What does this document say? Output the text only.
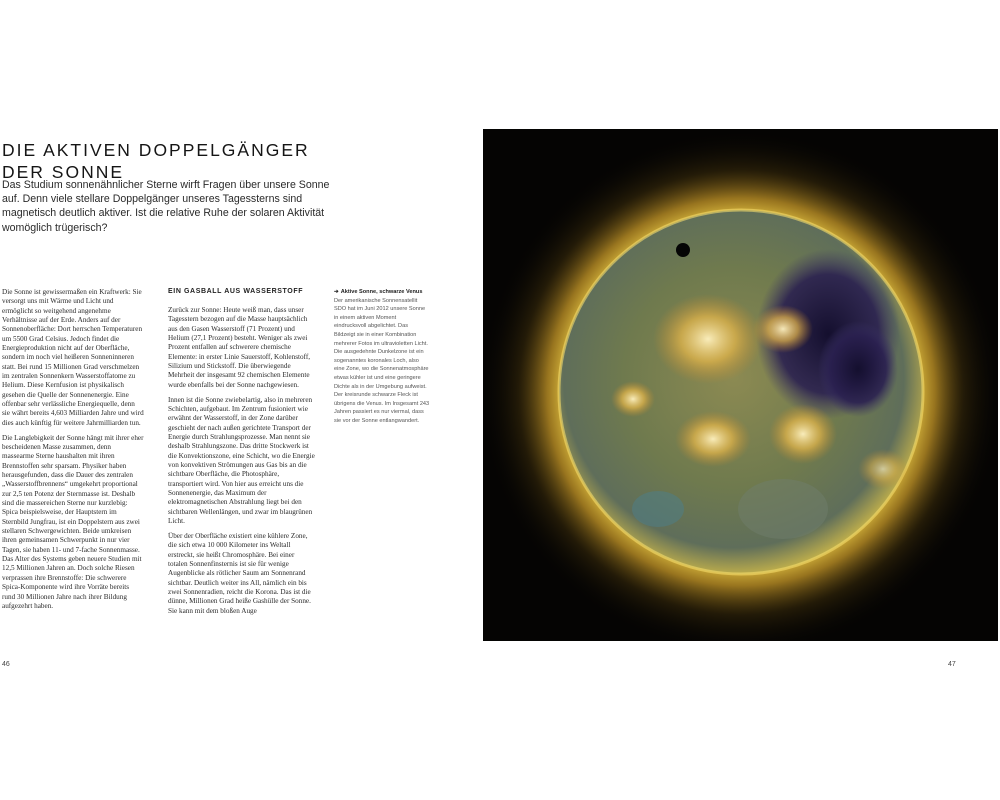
DIE AKTIVEN DOPPELGÄNGER
DER SONNE
Das Studium sonnenähnlicher Sterne wirft Fragen über unsere Sonne auf. Denn viele stellare Doppelgänger unseres Tagessterns sind magnetisch deutlich aktiver. Ist die relative Ruhe der solaren Aktivität womöglich trügerisch?

Die Sonne ist gewissermaßen ein Kraftwerk: Sie versorgt uns mit Wärme und Licht und ermöglicht so weitgehend angenehme Verhältnisse auf der Erde. Anders auf der Sonnenoberfläche: Dort herrschen Temperaturen um 5500 Grad Celsius. Jedoch findet die Energieproduktion nicht auf der Oberfläche, sondern im noch viel heißeren Sonneninneren statt. Bei rund 15 Millionen Grad verschmelzen im zentralen Sonnenkern Wasserstoffatome zu Helium. Diese Kernfusion ist physikalisch gesehen die Quelle der Sonnenenergie. Eine offenbar sehr verlässliche Energiequelle, denn sie währt bereits 4,603 Milliarden Jahre und wird dies auch künftig für weitere Jahrmilliarden tun.

Die Langlebigkeit der Sonne hängt mit ihrer eher bescheidenen Masse zusammen, denn massearme Sterne haushalten mit ihren Brennstoffen sehr sparsam. Physiker haben herausgefunden, dass die Dauer des zentralen „Wasserstoffbrennens“ umgekehrt proportional zur 2,5 ten Potenz der Sternmasse ist. Deshalb sind die massereichen Sterne nur kurzlebig: Spica beispielsweise, der Hauptstern im Sternbild Jungfrau, ist ein Doppelstern aus zwei stellaren Schwergewichten. Beide umkreisen ihren gemeinsamen Schwerpunkt in nur vier Tagen, sie haben 11- und 7-fache Sonnenmasse. Das Alter des Systems geben neuere Studien mit 12,5 Millionen Jahren an. Doch solche Riesen verprassen ihre Brennstoffe: Die schwerere Spica-Komponente wird ihre Vorräte bereits rund 30 Millionen Jahre nach ihrer Bildung aufgezehrt haben.

EIN GASBALL AUS WASSERSTOFF

Zurück zur Sonne: Heute weiß man, dass unser Tagesstern bezogen auf die Masse hauptsächlich aus den Gasen Wasserstoff (71 Prozent) und Helium (27,1 Prozent) besteht. Weniger als zwei Prozent entfallen auf schwerere chemische Elemente: in erster Linie Sauerstoff, Kohlenstoff, Silizium und Stickstoff. Die überwiegende Mehrheit der insgesamt 92 chemischen Elemente wurde ebenfalls bei der Sonne nachgewiesen.

Innen ist die Sonne zwiebelartig, also in mehreren Schichten, aufgebaut. Im Zentrum fusioniert wie erwähnt der Wasserstoff, in der Zone darüber geschieht der nach außen gerichtete Transport der Energie durch Strahlungsprozesse. Man nennt sie deshalb Strahlungszone. Das dritte Stockwerk ist die Konvektionszone, eine Schicht, wo die Energie von konvektiven Strömungen aus Gas bis an die sichtbare Oberfläche, die Photosphäre, transportiert wird. Von hier aus erreicht uns die Sonnenenergie, das Maximum der elektromagnetischen Abstrahlung liegt bei den sichtbaren Wellenlängen, und zwar im blaugrünen Licht.

Über der Oberfläche existiert eine kühlere Zone, die sich etwa 10 000 Kilometer ins Weltall erstreckt, sie heißt Chromosphäre. Bei einer totalen Sonnenfinsternis ist sie für wenige Augenblicke als rötlicher Saum am Sonnenrand sichtbar. Deutlich weiter ins All, nämlich ein bis zwei Sonnenradien, reicht die Korona. Das ist die dünne, Millionen Grad heiße Gashülle der Sonne. Sie kann mit dem bloßen Auge

➔ Aktive Sonne, schwarze Venus
Der amerikanische Sonnensatellit SDO hat im Juni 2012 unsere Sonne in einem aktiven Moment eindrucksvoll abgelichtet. Das Bildzeigt sie in einer Kombination mehrerer Fotos im ultravioletten Licht. Die ausgedehnte Dunkelzone ist ein sogenanntes koronales Loch, also eine Zone, wo die Sonnenatmosphäre etwas kühler ist und eine geringere Dichte als in der Umgebung aufweist. Der kreisrunde schwarze Fleck ist übrigens die Venus. Im Insgesamt 243 Jahren passiert es nur viermal, dass sie vor der Sonne entlangwandert.
46	47
